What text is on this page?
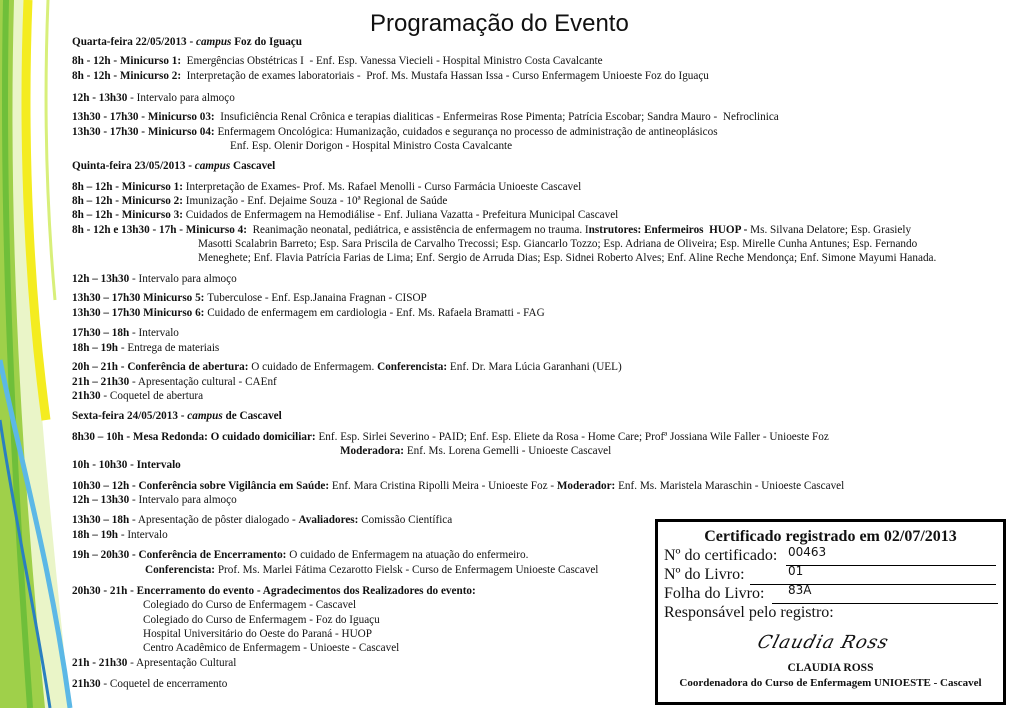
Programação do Evento
Quarta-feira 22/05/2013 - campus Foz do Iguaçu
8h - 12h - Minicurso 1:  Emergências Obstétricas I  - Enf. Esp. Vanessa Viecieli - Hospital Ministro Costa Cavalcante
8h - 12h - Minicurso 2:  Interpretação de exames laboratoriais -  Prof. Ms. Mustafa Hassan Issa - Curso Enfermagem Unioeste Foz do Iguaçu
12h - 13h30 - Intervalo para almoço
13h30 - 17h30 - Minicurso 03:  Insuficiência Renal Crônica e terapias dialiticas - Enfermeiras Rose Pimenta; Patrícia Escobar; Sandra Mauro -  Nefroclinica
13h30 - 17h30 - Minicurso 04: Enfermagem Oncológica: Humanização, cuidados e segurança no processo de administração de antineoplásicos
Enf. Esp. Olenir Dorigon - Hospital Ministro Costa Cavalcante
Quinta-feira 23/05/2013 - campus Cascavel
8h – 12h - Minicurso 1: Interpretação de Exames- Prof. Ms. Rafael Menolli - Curso Farmácia Unioeste Cascavel
8h – 12h - Minicurso 2: Imunização - Enf. Dejaime Souza - 10ª Regional de Saúde
8h – 12h - Minicurso 3: Cuidados de Enfermagem na Hemodiálise - Enf. Juliana Vazatta - Prefeitura Municipal Cascavel
8h - 12h e 13h30 - 17h - Minicurso 4:  Reanimação neonatal, pediátrica, e assistência de enfermagem no trauma. Instrutores: Enfermeiros  HUOP - Ms. Silvana Delatore; Esp. Grasiely
Masotti Scalabrin Barreto; Esp. Sara Priscila de Carvalho Trecossi; Esp. Giancarlo Tozzo; Esp. Adriana de Oliveira; Esp. Mirelle Cunha Antunes; Esp. Fernando
Meneghete; Enf. Flavia Patrícia Farias de Lima; Enf. Sergio de Arruda Dias; Esp. Sidnei Roberto Alves; Enf. Aline Reche Mendonça; Enf. Simone Mayumi Hanada.
12h – 13h30 - Intervalo para almoço
13h30 – 17h30 Minicurso 5: Tuberculose - Enf. Esp.Janaina Fragnan - CISOP
13h30 – 17h30 Minicurso 6: Cuidado de enfermagem em cardiologia - Enf. Ms. Rafaela Bramatti - FAG
17h30 – 18h - Intervalo
18h – 19h - Entrega de materiais
20h – 21h - Conferência de abertura: O cuidado de Enfermagem. Conferencista: Enf. Dr. Mara Lúcia Garanhani (UEL)
21h – 21h30 - Apresentação cultural - CAEnf
21h30 - Coquetel de abertura
Sexta-feira 24/05/2013 - campus de Cascavel
8h30 – 10h - Mesa Redonda: O cuidado domiciliar: Enf. Esp. Sirlei Severino - PAID; Enf. Esp. Eliete da Rosa - Home Care; Profª Jossiana Wile Faller - Unioeste Foz
Moderadora: Enf. Ms. Lorena Gemelli - Unioeste Cascavel
10h - 10h30 - Intervalo
10h30 – 12h - Conferência sobre Vigilância em Saúde: Enf. Mara Cristina Ripolli Meira - Unioeste Foz - Moderador: Enf. Ms. Maristela Maraschin - Unioeste Cascavel
12h – 13h30 - Intervalo para almoço
13h30 – 18h - Apresentação de pôster dialogado - Avaliadores: Comissão Científica
18h – 19h - Intervalo
19h – 20h30 - Conferência de Encerramento: O cuidado de Enfermagem na atuação do enfermeiro.
Conferencista: Prof. Ms. Marlei Fátima Cezarotto Fielsk - Curso de Enfermagem Unioeste Cascavel
20h30 - 21h - Encerramento do evento - Agradecimentos dos Realizadores do evento:
Colegiado do Curso de Enfermagem - Cascavel
Colegiado do Curso de Enfermagem - Foz do Iguaçu
Hospital Universitário do Oeste do Paraná - HUOP
Centro Acadêmico de Enfermagem - Unioeste - Cascavel
21h - 21h30 - Apresentação Cultural
21h30 - Coquetel de encerramento
Certificado registrado em 02/07/2013
Nº do certificado: 00463
Nº do Livro:	01
Folha do Livro: 83A
Responsável pelo registro:
Claudia Ross
CLAUDIA ROSS
Coordenadora do Curso de Enfermagem UNIOESTE - Cascavel
